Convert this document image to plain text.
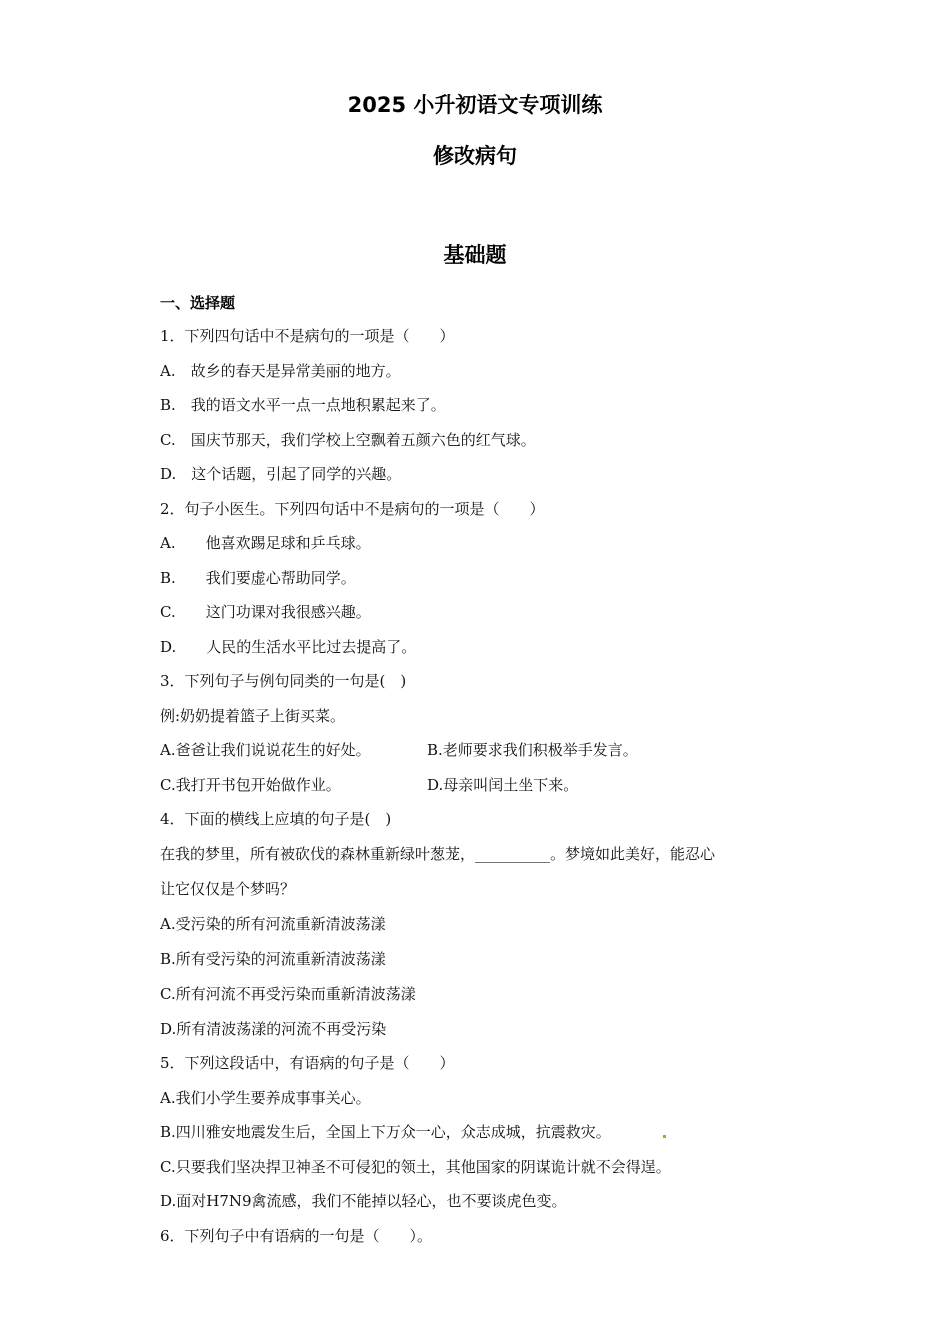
2025 小升初语文专项训练
修改病句
基础题
一、选择题
1．下列四句话中不是病句的一项是（　　）
A.　故乡的春天是异常美丽的地方。
B.　我的语文水平一点一点地积累起来了。
C.　国庆节那天，我们学校上空飘着五颜六色的红气球。
D.　这个话题，引起了同学的兴趣。
2．句子小医生。下列四句话中不是病句的一项是（　　）
A.　　他喜欢踢足球和乒乓球。
B.　　我们要虚心帮助同学。
C.　　这门功课对我很感兴趣。
D.　　人民的生活水平比过去提高了。
3．下列句子与例句同类的一句是(　)
例:奶奶提着篮子上街买菜。
A.爸爸让我们说说花生的好处。	B.老师要求我们积极举手发言。
C.我打开书包开始做作业。	D.母亲叫闰土坐下来。
4．下面的横线上应填的句子是(　)
在我的梦里，所有被砍伐的森林重新绿叶葱茏，__________。梦境如此美好，能忍心
让它仅仅是个梦吗？
A.受污染的所有河流重新清波荡漾
B.所有受污染的河流重新清波荡漾
C.所有河流不再受污染而重新清波荡漾
D.所有清波荡漾的河流不再受污染
5．下列这段话中，有语病的句子是（　　）
A.我们小学生要养成事事关心。
B.四川雅安地震发生后，全国上下万众一心，众志成城，抗震救灾。
C.只要我们坚决捍卫神圣不可侵犯的领土，其他国家的阴谋诡计就不会得逞。
D.面对H7N9禽流感，我们不能掉以轻心，也不要谈虎色变。
6．下列句子中有语病的一句是（　　）。
